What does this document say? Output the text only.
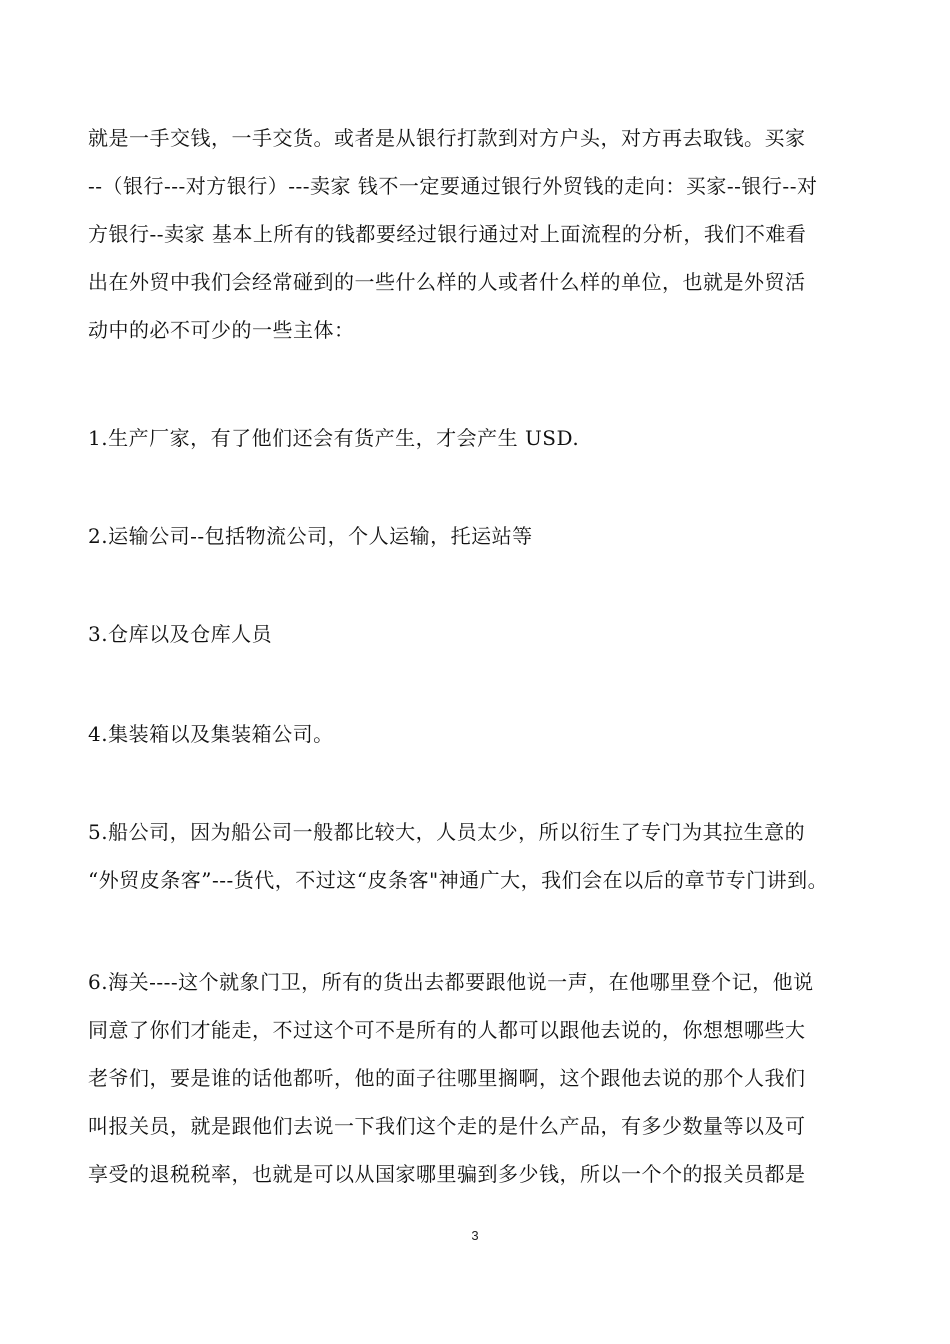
就是一手交钱，一手交货。或者是从银行打款到对方户头，对方再去取钱。买家
--（银行---对方银行）---卖家 钱不一定要通过银行外贸钱的走向：买家--银行--对
方银行--卖家 基本上所有的钱都要经过银行通过对上面流程的分析，我们不难看
出在外贸中我们会经常碰到的一些什么样的人或者什么样的单位，也就是外贸活
动中的必不可少的一些主体：
1.生产厂家，有了他们还会有货产生，才会产生 USD.
2.运输公司--包括物流公司，个人运输，托运站等
3.仓库以及仓库人员
4.集装箱以及集装箱公司。
5.船公司，因为船公司一般都比较大，人员太少，所以衍生了专门为其拉生意的
“外贸皮条客”---货代，不过这“皮条客"神通广大，我们会在以后的章节专门讲到。
6.海关----这个就象门卫，所有的货出去都要跟他说一声，在他哪里登个记，他说
同意了你们才能走，不过这个可不是所有的人都可以跟他去说的，你想想哪些大
老爷们，要是谁的话他都听，他的面子往哪里搁啊，这个跟他去说的那个人我们
叫报关员，就是跟他们去说一下我们这个走的是什么产品，有多少数量等以及可
享受的退税税率，也就是可以从国家哪里骗到多少钱，所以一个个的报关员都是
3
